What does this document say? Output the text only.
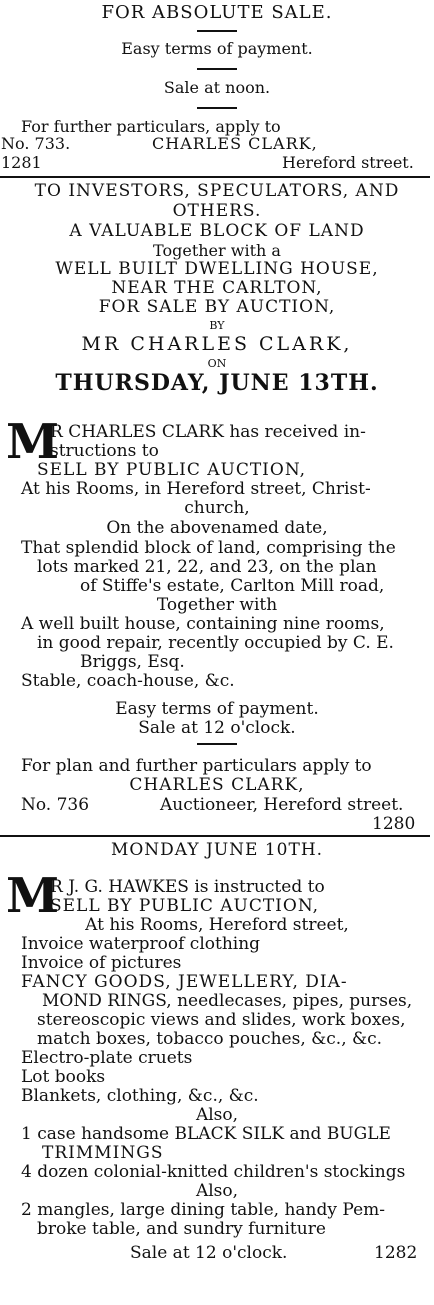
FOR ABSOLUTE SALE.
Easy terms of payment.
Sale at noon.
For further particulars, apply to
No. 733.	CHARLES CLARK,
1281	Hereford street.
TO INVESTORS, SPECULATORS, AND
OTHERS.
A VALUABLE BLOCK OF LAND
Together with a
WELL BUILT DWELLING HOUSE,
NEAR THE CARLTON,
FOR SALE BY AUCTION,
BY
MR CHARLES CLARK,
ON
THURSDAY, JUNE 13TH.
M
R CHARLES CLARK has received in-
structions to
SELL BY PUBLIC AUCTION,
At his Rooms, in Hereford street, Christ-
church,
On the abovenamed date,
That splendid block of land, comprising the
lots marked 21, 22, and 23, on the plan
of Stiffe's estate, Carlton Mill road,
Together with
A well built house, containing nine rooms,
in good repair, recently occupied by C. E.
Briggs, Esq.
Stable, coach-house, &c.
Easy terms of payment.
Sale at 12 o'clock.
For plan and further particulars apply to
CHARLES CLARK,
No. 736	Auctioneer, Hereford street.
1280
MONDAY JUNE 10TH.
M
R J. G. HAWKES is instructed to
SELL BY PUBLIC AUCTION,
At his Rooms, Hereford street,
Invoice waterproof clothing
Invoice of pictures
FANCY GOODS, JEWELLERY, DIA-
MOND RINGS, needlecases, pipes, purses,
stereoscopic views and slides, work boxes,
match boxes, tobacco pouches, &c., &c.
Electro-plate cruets
Lot books
Blankets, clothing, &c., &c.
Also,
1 case handsome BLACK SILK and BUGLE
TRIMMINGS
4 dozen colonial-knitted children's stockings
Also,
2 mangles, large dining table, handy Pem-
broke table, and sundry furniture
Sale at 12 o'clock.	1282
